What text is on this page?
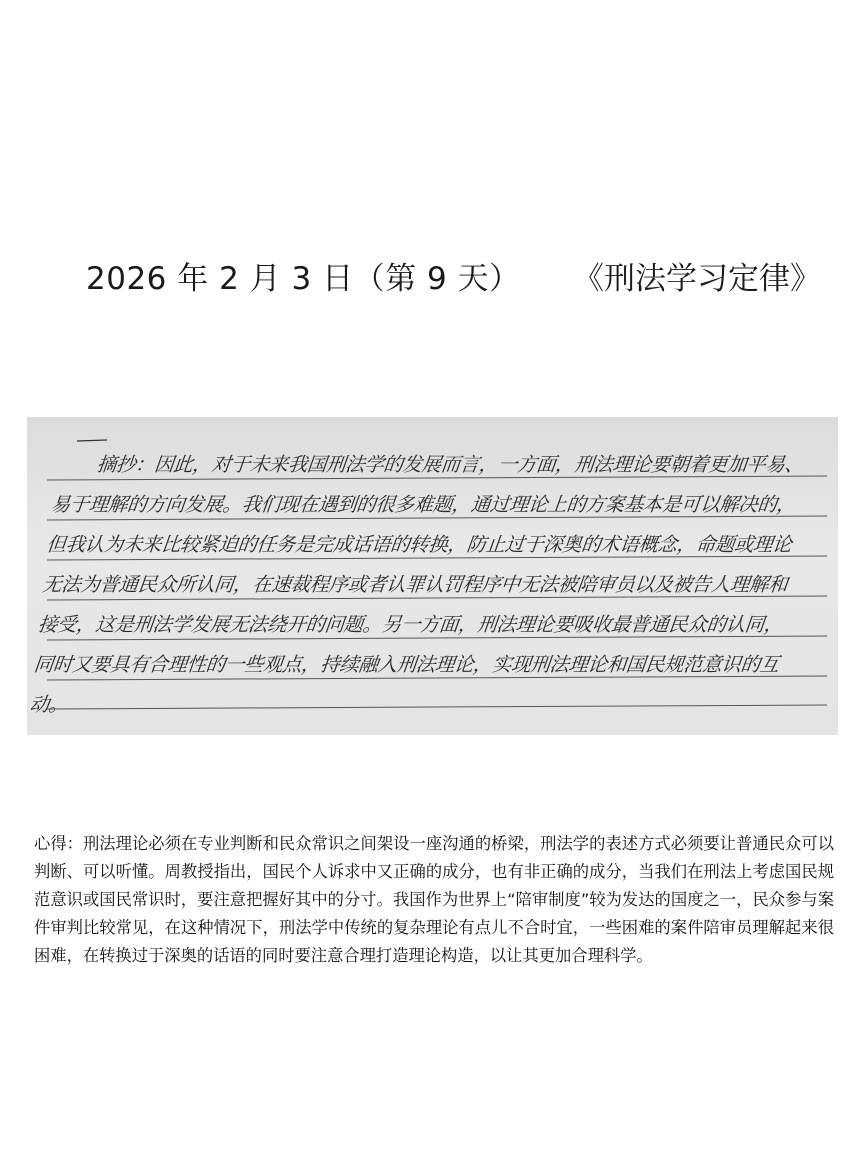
2026 年 2 月 3 日（第 9 天） 《刑法学习定律》
摘抄：因此，对于未来我国刑法学的发展而言，一方面，刑法理论要朝着更加平易、易于理解的方向发展。我们现在遇到的很多难题，通过理论上的方案基本是可以解决的，但我认为未来比较紧迫的任务是完成话语的转换，防止过于深奥的术语概念，命题或理论无法为普通民众所认同，在速裁程序或者认罪认罚程序中无法被陪审员以及被告人理解和接受，这是刑法学发展无法绕开的问题。另一方面，刑法理论要吸收最普通民众的认同，同时又要具有合理性的一些观点，持续融入刑法理论，实现刑法理论和国民规范意识的互动。
心得：刑法理论必须在专业判断和民众常识之间架设一座沟通的桥梁，刑法学的表述方式必须要让普通民众可以判断、可以听懂。周教授指出，国民个人诉求中又正确的成分，也有非正确的成分，当我们在刑法上考虑国民规范意识或国民常识时，要注意把握好其中的分寸。我国作为世界上“陪审制度”较为发达的国度之一，民众参与案件审判比较常见，在这种情况下，刑法学中传统的复杂理论有点儿不合时宜，一些困难的案件陪审员理解起来很困难，在转换过于深奥的话语的同时要注意合理打造理论构造，以让其更加合理科学。
